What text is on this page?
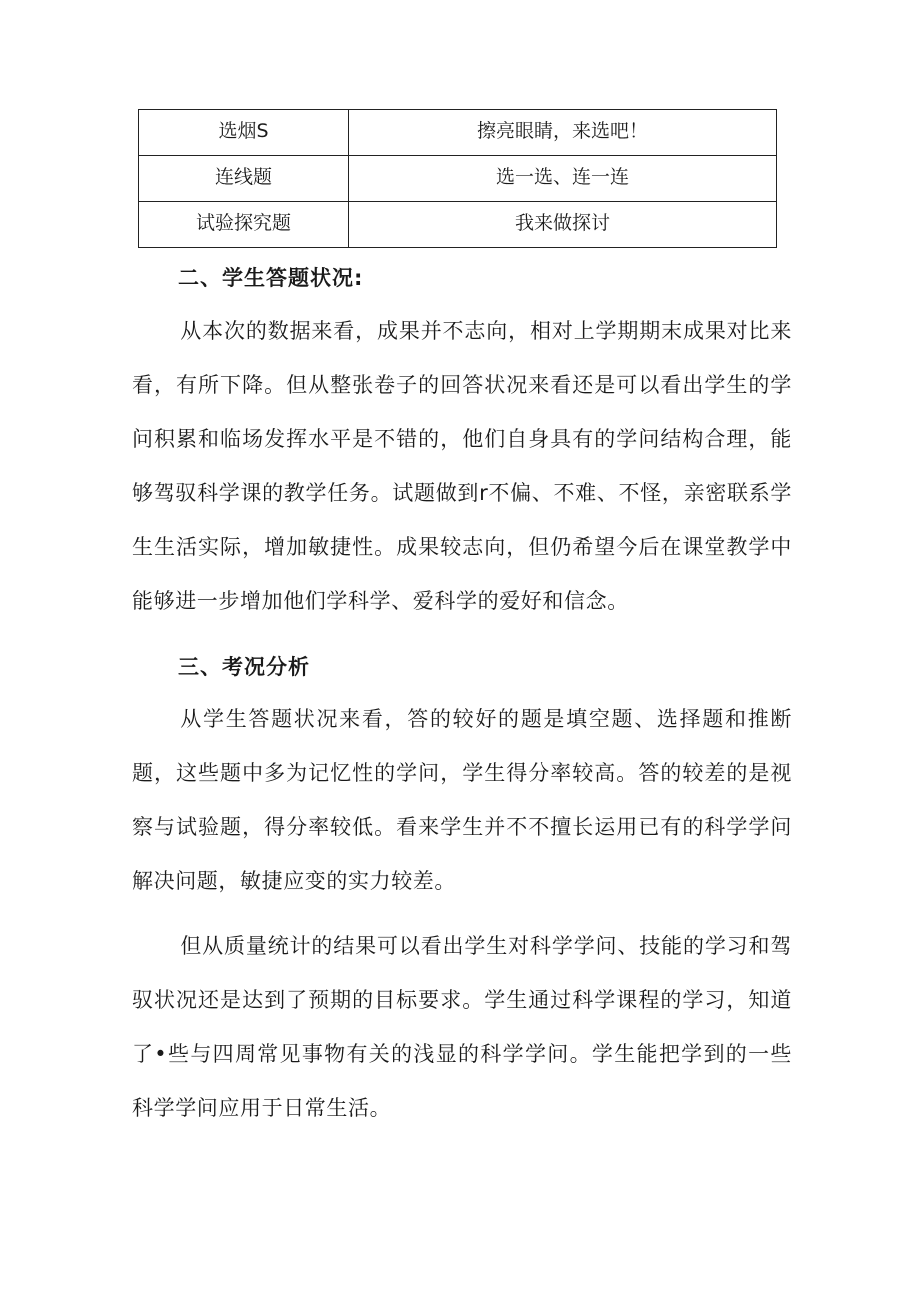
选烟S	擦亮眼睛，来选吧！
连线题	选一选、连一连
试验探究题	我来做探讨
二、学生答题状况:

从本次的数据来看，成果并不志向，相对上学期期末成果对比来看，有所下降。但从整张卷子的回答状况来看还是可以看出学生的学问积累和临场发挥水平是不错的，他们自身具有的学问结构合理，能够驾驭科学课的教学任务。试题做到r不偏、不难、不怪，亲密联系学生生活实际，增加敏捷性。成果较志向，但仍希望今后在课堂教学中能够进一步增加他们学科学、爱科学的爱好和信念。

三、考况分析

从学生答题状况来看，答的较好的题是填空题、选择题和推断题，这些题中多为记忆性的学问，学生得分率较高。答的较差的是视察与试验题，得分率较低。看来学生并不不擅长运用已有的科学学问解决问题，敏捷应变的实力较差。

但从质量统计的结果可以看出学生对科学学问、技能的学习和驾驭状况还是达到了预期的目标要求。学生通过科学课程的学习，知道了•些与四周常见事物有关的浅显的科学学问。学生能把学到的一些科学学问应用于日常生活。
